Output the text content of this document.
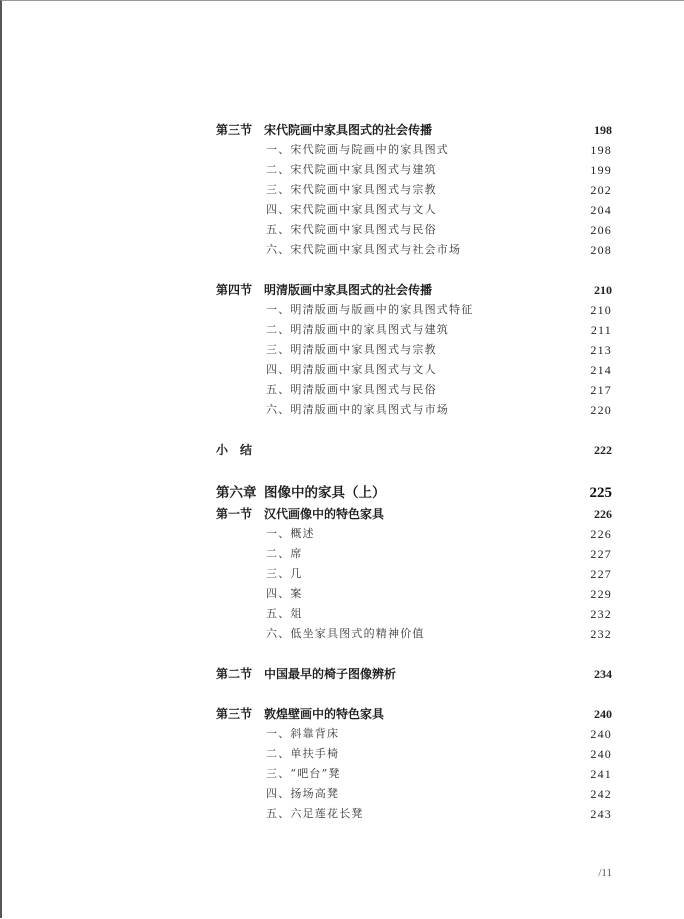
第三节 宋代院画中家具图式的社会传播	198
一、宋代院画与院画中的家具图式	198
二、宋代院画中家具图式与建筑	199
三、宋代院画中家具图式与宗教	202
四、宋代院画中家具图式与文人	204
五、宋代院画中家具图式与民俗	206
六、宋代院画中家具图式与社会市场	208
第四节 明清版画中家具图式的社会传播	210
一、明清版画与版画中的家具图式特征	210
二、明清版画中的家具图式与建筑	211
三、明清版画中家具图式与宗教	213
四、明清版画中家具图式与文人	214
五、明清版画中家具图式与民俗	217
六、明清版画中的家具图式与市场	220
小　结	222
第六章 图像中的家具（上）	225
第一节 汉代画像中的特色家具	226
一、概述	226
二、席	227
三、几	227
四、案	229
五、俎	232
六、低坐家具图式的精神价值	232
第二节 中国最早的椅子图像辨析	234
第三节 敦煌壁画中的特色家具	240
一、斜靠背床	240
二、单扶手椅	240
三、“吧台”凳	241
四、扬场高凳	242
五、六足莲花长凳	243
/11
